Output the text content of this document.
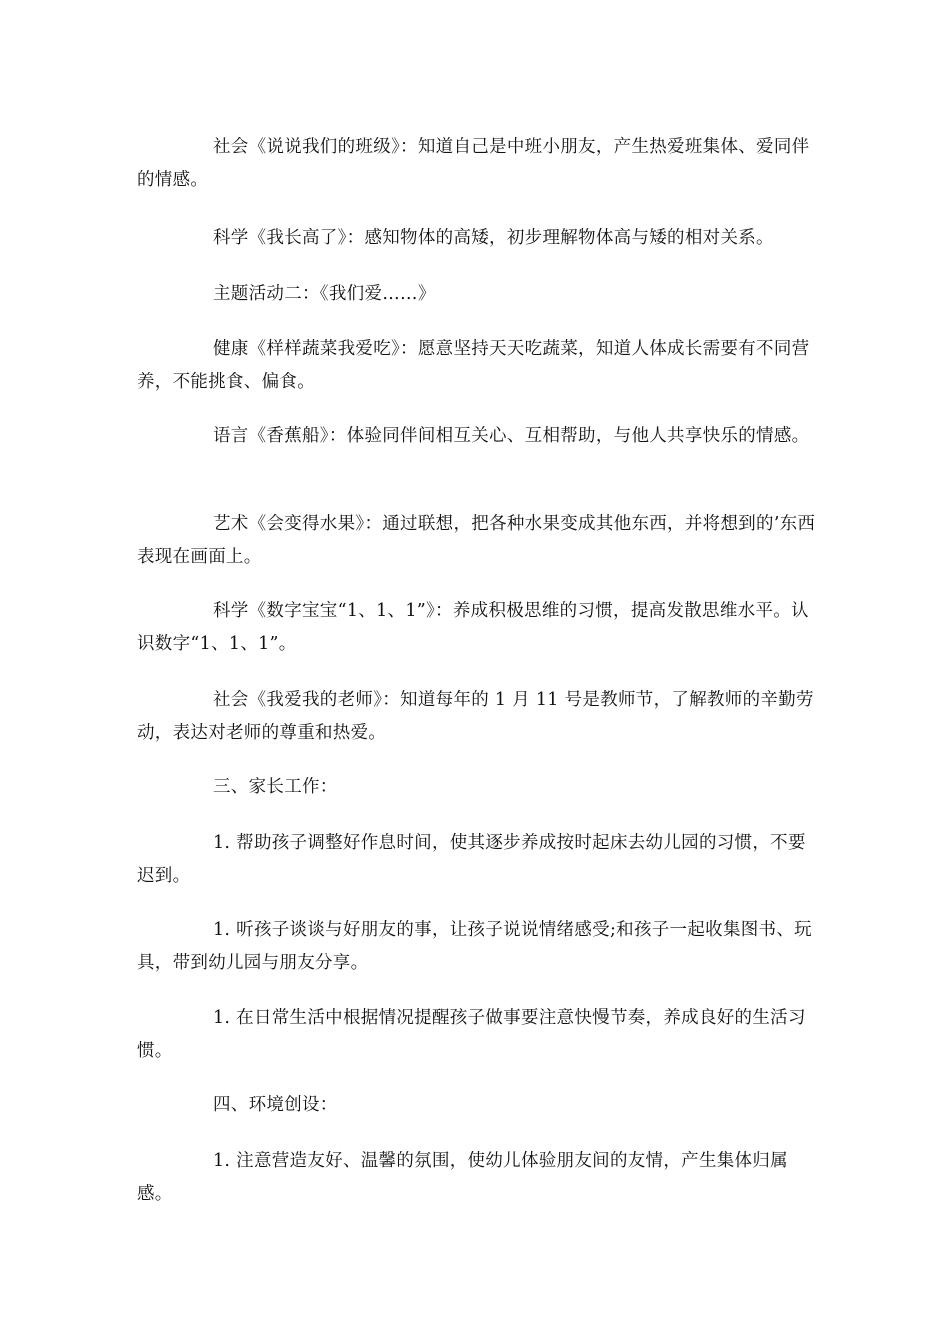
社会《说说我们的班级》：知道自己是中班小朋友，产生热爱班集体、爱同伴的情感。

科学《我长高了》：感知物体的高矮，初步理解物体高与矮的相对关系。

主题活动二：《我们爱……》

健康《样样蔬菜我爱吃》：愿意坚持天天吃蔬菜，知道人体成长需要有不同营养，不能挑食、偏食。

语言《香蕉船》：体验同伴间相互关心、互相帮助，与他人共享快乐的情感。

艺术《会变得水果》：通过联想，把各种水果变成其他东西，并将想到的’东西表现在画面上。

科学《数字宝宝“1、1、1”》：养成积极思维的习惯，提高发散思维水平。认识数字“1、1、1”。

社会《我爱我的老师》：知道每年的 1 月 11 号是教师节，了解教师的辛勤劳动，表达对老师的尊重和热爱。

三、家长工作：

1. 帮助孩子调整好作息时间，使其逐步养成按时起床去幼儿园的习惯，不要迟到。

1. 听孩子谈谈与好朋友的事，让孩子说说情绪感受;和孩子一起收集图书、玩具，带到幼儿园与朋友分享。

1. 在日常生活中根据情况提醒孩子做事要注意快慢节奏，养成良好的生活习惯。

四、环境创设：

1. 注意营造友好、温馨的氛围，使幼儿体验朋友间的友情，产生集体归属感。
